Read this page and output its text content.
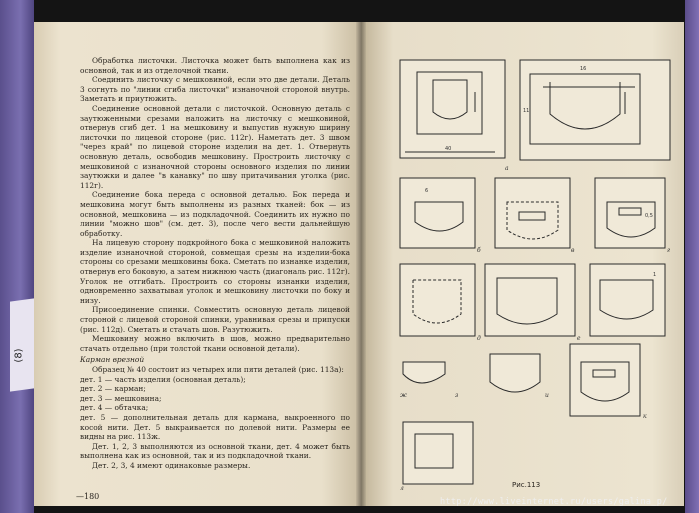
(8)

Обработка листочки. Листочка может быть выполнена как из основной, так и из отделочной ткани.

Соединить листочку с мешковиной, если это две детали. Деталь 3 согнуть по "линии сгиба листочки" изнаночной стороной внутрь. Заметать и приутюжить.

Соединение основной детали с листочкой. Основную деталь с заутюженными срезами наложить на листочку с мешковиной, отвернув сгиб дет. 1 на мешковину и выпустив нужную ширину листочки по лицевой стороне (рис. 112г). Наметать дет. 3 швом "через край" по лицевой стороне изделия на дет. 1. Отвернуть основную деталь, освободив мешковину. Простроить листочку с мешковиной с изнаночной стороны основного изделия по линии заутюжки и далее "в канавку" по шву притачивания уголка (рис. 112г).

Соединение бока переда с основной деталью. Бок переда и мешковина могут быть выполнены из разных тканей: бок — из основной, мешковина — из подкладочной. Соединить их нужно по линии "можно шов" (см. дет. 3), после чего вести дальнейшую обработку.

На лицевую сторону подкройного бока с мешковиной наложить изделие изнаночной стороной, совмещая срезы на изделии-бока стороны со срезами мешковины бока. Сметать по изнанке изделия, отвернув его боковую, а затем нижнюю часть (диагональ рис. 112г). Уголок не отгибать. Простроить со стороны изнанки изделия, одновременно захватывая уголок и мешковину листочки по боку и низу.

Присоединение спинки. Совместить основную деталь лицевой стороной с лицевой стороной спинки, уравнивая срезы и припуски (рис. 112д). Сметать и стачать шов. Разутюжить.

Мешковину можно включить в шов, можно предварительно стачать отдельно (при толстой ткани основной детали).

Карман врезной

Образец № 40 состоит из четырех или пяти деталей (рис. 113а):

дет. 1 — часть изделия (основная деталь);

дет. 2 — карман;

дет. 3 — мешковина;

дет. 4 — обтачка;

дет. 5 — дополнительная деталь для кармана, выкроенного по косой нити. Дет. 5 выкраивается по долевой нити. Размеры ее видны на рис. 113ж.

Дет. 1, 2, 3 выполняются из основной ткани, дет. 4 может быть выполнена как из основной, так и из подкладочной ткани.

Дет. 2, 3, 4 имеют одинаковые размеры.

—180
а
б	в	г
д	е
ж	з	и
к
л
40
16
11
6
0,5
1
Рис.113
http://www.liveinternet.ru/users/galina_p/
